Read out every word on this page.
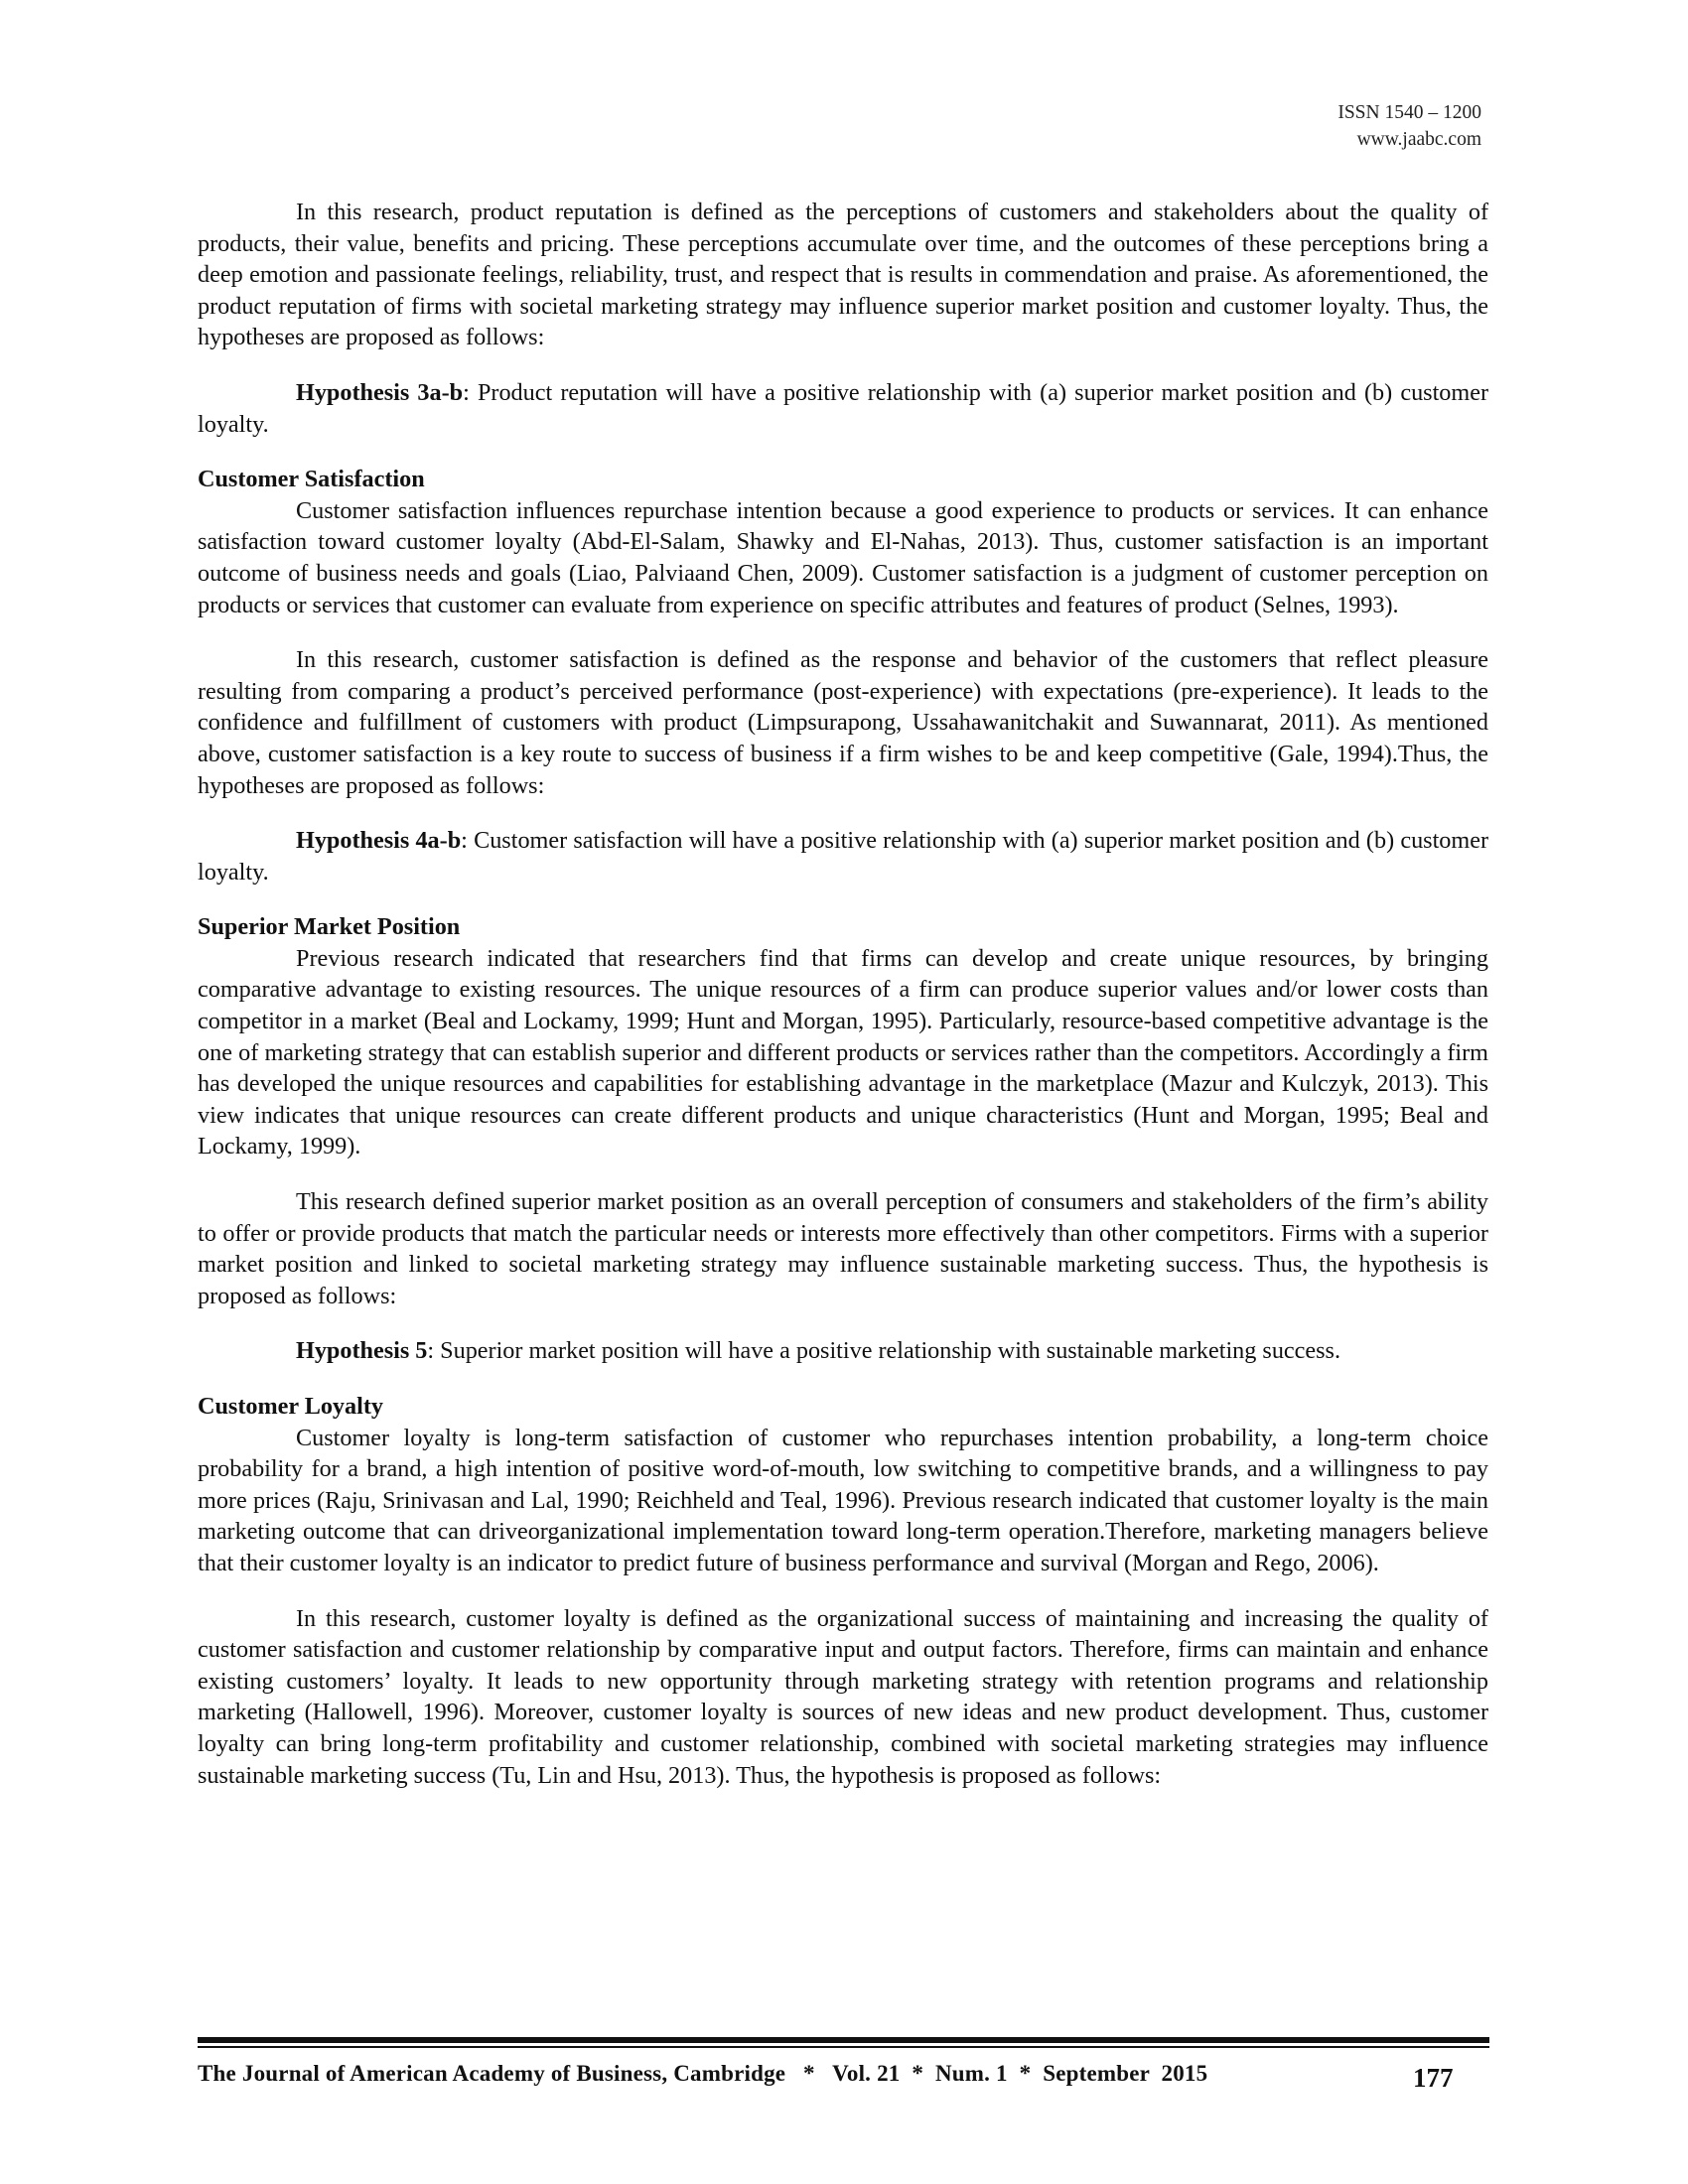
ISSN 1540 – 1200
www.jaabc.com

In this research, product reputation is defined as the perceptions of customers and stakeholders about the quality of products, their value, benefits and pricing. These perceptions accumulate over time, and the outcomes of these perceptions bring a deep emotion and passionate feelings, reliability, trust, and respect that is results in commendation and praise. As aforementioned, the product reputation of firms with societal marketing strategy may influence superior market position and customer loyalty. Thus, the hypotheses are proposed as follows:

Hypothesis 3a-b: Product reputation will have a positive relationship with (a) superior market position and (b) customer loyalty.

Customer Satisfaction

Customer satisfaction influences repurchase intention because a good experience to products or services. It can enhance satisfaction toward customer loyalty (Abd-El-Salam, Shawky and El-Nahas, 2013). Thus, customer satisfaction is an important outcome of business needs and goals (Liao, Palviaand Chen, 2009). Customer satisfaction is a judgment of customer perception on products or services that customer can evaluate from experience on specific attributes and features of product (Selnes, 1993).

In this research, customer satisfaction is defined as the response and behavior of the customers that reflect pleasure resulting from comparing a product’s perceived performance (post-experience) with expectations (pre-experience). It leads to the confidence and fulfillment of customers with product (Limpsurapong, Ussahawanitchakit and Suwannarat, 2011). As mentioned above, customer satisfaction is a key route to success of business if a firm wishes to be and keep competitive (Gale, 1994).Thus, the hypotheses are proposed as follows:

Hypothesis 4a-b: Customer satisfaction will have a positive relationship with (a) superior market position and (b) customer loyalty.

Superior Market Position

Previous research indicated that researchers find that firms can develop and create unique resources, by bringing comparative advantage to existing resources. The unique resources of a firm can produce superior values and/or lower costs than competitor in a market (Beal and Lockamy, 1999; Hunt and Morgan, 1995). Particularly, resource-based competitive advantage is the one of marketing strategy that can establish superior and different products or services rather than the competitors. Accordingly a firm has developed the unique resources and capabilities for establishing advantage in the marketplace (Mazur and Kulczyk, 2013). This view indicates that unique resources can create different products and unique characteristics (Hunt and Morgan, 1995; Beal and Lockamy, 1999).

This research defined superior market position as an overall perception of consumers and stakeholders of the firm’s ability to offer or provide products that match the particular needs or interests more effectively than other competitors. Firms with a superior market position and linked to societal marketing strategy may influence sustainable marketing success. Thus, the hypothesis is proposed as follows:

Hypothesis 5: Superior market position will have a positive relationship with sustainable marketing success.

Customer Loyalty

Customer loyalty is long-term satisfaction of customer who repurchases intention probability, a long-term choice probability for a brand, a high intention of positive word-of-mouth, low switching to competitive brands, and a willingness to pay more prices (Raju, Srinivasan and Lal, 1990; Reichheld and Teal, 1996). Previous research indicated that customer loyalty is the main marketing outcome that can driveorganizational implementation toward long-term operation.Therefore, marketing managers believe that their customer loyalty is an indicator to predict future of business performance and survival (Morgan and Rego, 2006).

In this research, customer loyalty is defined as the organizational success of maintaining and increasing the quality of customer satisfaction and customer relationship by comparative input and output factors. Therefore, firms can maintain and enhance existing customers’ loyalty. It leads to new opportunity through marketing strategy with retention programs and relationship marketing (Hallowell, 1996). Moreover, customer loyalty is sources of new ideas and new product development. Thus, customer loyalty can bring long-term profitability and customer relationship, combined with societal marketing strategies may influence sustainable marketing success (Tu, Lin and Hsu, 2013). Thus, the hypothesis is proposed as follows:

The Journal of American Academy of Business, Cambridge   *   Vol. 21  *  Num. 1  *  September  2015	177
